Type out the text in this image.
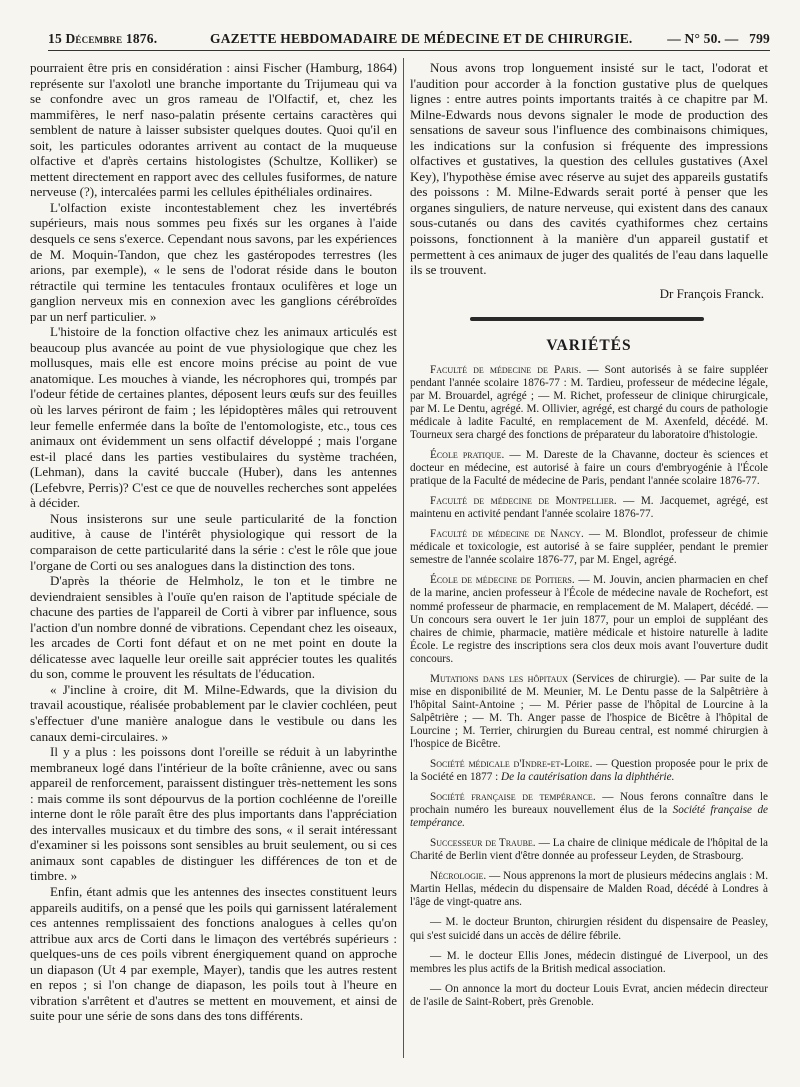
15 Décembre 1876.	GAZETTE HEBDOMADAIRE DE MÉDECINE ET DE CHIRURGIE.	— N° 50. — 799

pourraient être pris en considération : ainsi Fischer (Hamburg, 1864) représente sur l'axolotl une branche importante du Trijumeau qui va se confondre avec un gros rameau de l'Olfactif, et, chez les mammifères, le nerf naso-palatin présente certains caractères qui semblent de nature à laisser subsister quelques doutes. Quoi qu'il en soit, les particules odorantes arrivent au contact de la muqueuse olfactive et d'après certains histologistes (Schultze, Kolliker) se mettent directement en rapport avec des cellules fusiformes, de nature nerveuse (?), intercalées parmi les cellules épithéliales ordinaires.

L'olfaction existe incontestablement chez les invertébrés supérieurs, mais nous sommes peu fixés sur les organes à l'aide desquels ce sens s'exerce. Cependant nous savons, par les expériences de M. Moquin-Tandon, que chez les gastéropodes terrestres (les arions, par exemple), « le sens de l'odorat réside dans le bouton rétractile qui termine les tentacules frontaux oculifères et loge un ganglion nerveux mis en connexion avec les ganglions cérébroïdes par un nerf particulier. »

L'histoire de la fonction olfactive chez les animaux articulés est beaucoup plus avancée au point de vue physiologique que chez les mollusques, mais elle est encore moins précise au point de vue anatomique. Les mouches à viande, les nécrophores qui, trompés par l'odeur fétide de certaines plantes, déposent leurs œufs sur des feuilles où les larves périront de faim ; les lépidoptères mâles qui retrouvent leur femelle enfermée dans la boîte de l'entomologiste, etc., tous ces animaux ont évidemment un sens olfactif développé ; mais l'organe est-il placé dans les parties vestibulaires du système trachéen, (Lehman), dans la cavité buccale (Huber), dans les antennes (Lefebvre, Perris)? C'est ce que de nouvelles recherches sont appelées à décider.

Nous insisterons sur une seule particularité de la fonction auditive, à cause de l'intérêt physiologique qui ressort de la comparaison de cette particularité dans la série : c'est le rôle que joue l'organe de Corti ou ses analogues dans la distinction des tons.

D'après la théorie de Helmholz, le ton et le timbre ne deviendraient sensibles à l'ouïe qu'en raison de l'aptitude spéciale de chacune des parties de l'appareil de Corti à vibrer par influence, sous l'action d'un nombre donné de vibrations. Cependant chez les oiseaux, les arcades de Corti font défaut et on ne met point en doute la délicatesse avec laquelle leur oreille sait apprécier toutes les qualités du son, comme le prouvent les résultats de l'éducation.

« J'incline à croire, dit M. Milne-Edwards, que la division du travail acoustique, réalisée probablement par le clavier cochléen, peut s'effectuer d'une manière analogue dans le vestibule ou dans les canaux demi-circulaires. »

Il y a plus : les poissons dont l'oreille se réduit à un labyrinthe membraneux logé dans l'intérieur de la boîte crânienne, avec ou sans appareil de renforcement, paraissent distinguer très-nettement les sons : mais comme ils sont dépourvus de la portion cochléenne de l'oreille interne dont le rôle paraît être des plus importants dans l'appréciation des intervalles musicaux et du timbre des sons, « il serait intéressant d'examiner si les poissons sont sensibles au bruit seulement, ou si ces animaux sont capables de distinguer les différences de ton et de timbre. »

Enfin, étant admis que les antennes des insectes constituent leurs appareils auditifs, on a pensé que les poils qui garnissent latéralement ces antennes remplissaient des fonctions analogues à celles qu'on attribue aux arcs de Corti dans le limaçon des vertébrés supérieurs : quelques-uns de ces poils vibrent énergiquement quand on approche un diapason (Ut 4 par exemple, Mayer), tandis que les autres restent en repos ; si l'on change de diapason, les poils tout à l'heure en vibration s'arrêtent et d'autres se mettent en mouvement, et ainsi de suite pour une série de sons dans des tons différents.

Nous avons trop longuement insisté sur le tact, l'odorat et l'audition pour accorder à la fonction gustative plus de quelques lignes : entre autres points importants traités à ce chapitre par M. Milne-Edwards nous devons signaler le mode de production des sensations de saveur sous l'influence des combinaisons chimiques, les indications sur la confusion si fréquente des impressions olfactives et gustatives, la question des cellules gustatives (Axel Key), l'hypothèse émise avec réserve au sujet des appareils gustatifs des poissons : M. Milne-Edwards serait porté à penser que les organes singuliers, de nature nerveuse, qui existent dans des canaux sous-cutanés ou dans des cavités cyathiformes chez certains poissons, fonctionnent à la manière d'un appareil gustatif et permettent à ces animaux de juger des qualités de l'eau dans laquelle ils se trouvent.

Dr François Franck.
VARIÉTÉS

Faculté de médecine de Paris. — Sont autorisés à se faire suppléer pendant l'année scolaire 1876-77 : M. Tardieu, professeur de médecine légale, par M. Brouardel, agrégé ; — M. Richet, professeur de clinique chirurgicale, par M. Le Dentu, agrégé. M. Ollivier, agrégé, est chargé du cours de pathologie médicale à ladite Faculté, en remplacement de M. Axenfeld, décédé. M. Tourneux sera chargé des fonctions de préparateur du laboratoire d'histologie.

École pratique. — M. Dareste de la Chavanne, docteur ès sciences et docteur en médecine, est autorisé à faire un cours d'embryogénie à l'École pratique de la Faculté de médecine de Paris, pendant l'année scolaire 1876-77.

Faculté de médecine de Montpellier. — M. Jacquemet, agrégé, est maintenu en activité pendant l'année scolaire 1876-77.

Faculté de médecine de Nancy. — M. Blondlot, professeur de chimie médicale et toxicologie, est autorisé à se faire suppléer, pendant le premier semestre de l'année scolaire 1876-77, par M. Engel, agrégé.

École de médecine de Poitiers. — M. Jouvin, ancien pharmacien en chef de la marine, ancien professeur à l'École de médecine navale de Rochefort, est nommé professeur de pharmacie, en remplacement de M. Malapert, décédé. — Un concours sera ouvert le 1er juin 1877, pour un emploi de suppléant des chaires de chimie, pharmacie, matière médicale et histoire naturelle à ladite École. Le registre des inscriptions sera clos deux mois avant l'ouverture dudit concours.

Mutations dans les hôpitaux (Services de chirurgie). — Par suite de la mise en disponibilité de M. Meunier, M. Le Dentu passe de la Salpêtrière à l'hôpital Saint-Antoine ; — M. Périer passe de l'hôpital de Lourcine à la Salpêtrière ; — M. Th. Anger passe de l'hospice de Bicêtre à l'hôpital de Lourcine ; M. Terrier, chirurgien du Bureau central, est nommé chirurgien à l'hospice de Bicêtre.

Société médicale d'Indre-et-Loire. — Question proposée pour le prix de la Société en 1877 : De la cautérisation dans la diphthérie.

Société française de tempérance. — Nous ferons connaître dans le prochain numéro les bureaux nouvellement élus de la Société française de tempérance.

Successeur de Traube. — La chaire de clinique médicale de l'hôpital de la Charité de Berlin vient d'être donnée au professeur Leyden, de Strasbourg.

Nécrologie. — Nous apprenons la mort de plusieurs médecins anglais : M. Martin Hellas, médecin du dispensaire de Malden Road, décédé à Londres à l'âge de vingt-quatre ans.

— M. le docteur Brunton, chirurgien résident du dispensaire de Peasley, qui s'est suicidé dans un accès de délire fébrile.

— M. le docteur Ellis Jones, médecin distingué de Liverpool, un des membres les plus actifs de la British medical association.

— On annonce la mort du docteur Louis Evrat, ancien médecin directeur de l'asile de Saint-Robert, près Grenoble.
